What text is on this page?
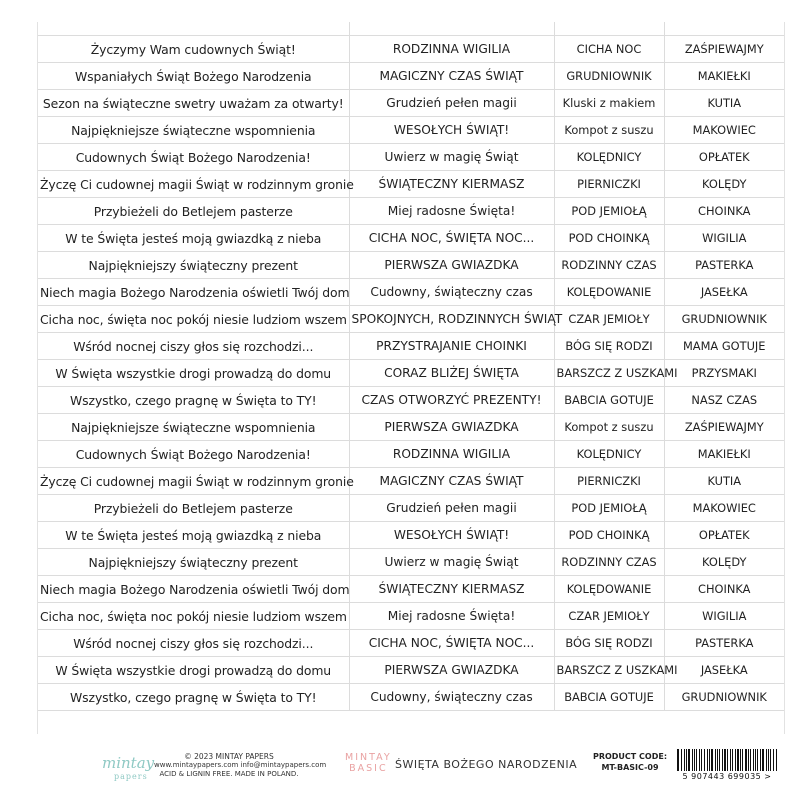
Życzymy Wam cudownych Świąt!	RODZINNA WIGILIA	CICHA NOC	ZAŚPIEWAJMY
Wspaniałych Świąt Bożego Narodzenia	MAGICZNY CZAS ŚWIĄT	GRUDNIOWNIK	MAKIEŁKI
Sezon na świąteczne swetry uważam za otwarty!	Grudzień pełen magii	Kluski z makiem	KUTIA
Najpiękniejsze świąteczne wspomnienia	WESOŁYCH ŚWIĄT!	Kompot z suszu	MAKOWIEC
Cudownych Świąt Bożego Narodzenia!	Uwierz w magię Świąt	KOLĘDNICY	OPŁATEK
Życzę Ci cudownej magii Świąt w rodzinnym gronie	ŚWIĄTECZNY KIERMASZ	PIERNICZKI	KOLĘDY
Przybieżeli do Betlejem pasterze	Miej radosne Święta!	POD JEMIOŁĄ	CHOINKA
W te Święta jesteś moją gwiazdką z nieba	CICHA NOC, ŚWIĘTA NOC...	POD CHOINKĄ	WIGILIA
Najpiękniejszy świąteczny prezent	PIERWSZA GWIAZDKA	RODZINNY CZAS	PASTERKA
Niech magia Bożego Narodzenia oświetli Twój dom	Cudowny, świąteczny czas	KOLĘDOWANIE	JASEŁKA
Cicha noc, święta noc pokój niesie ludziom wszem	SPOKOJNYCH, RODZINNYCH ŚWIĄT	CZAR JEMIOŁY	GRUDNIOWNIK
Wśród nocnej ciszy głos się rozchodzi...	PRZYSTRAJANIE CHOINKI	BÓG SIĘ RODZI	MAMA GOTUJE
W Święta wszystkie drogi prowadzą do domu	CORAZ BLIŻEJ ŚWIĘTA	BARSZCZ Z USZKAMI	PRZYSMAKI
Wszystko, czego pragnę w Święta to TY!	CZAS OTWORZYĆ PREZENTY!	BABCIA GOTUJE	NASZ CZAS
Najpiękniejsze świąteczne wspomnienia	PIERWSZA GWIAZDKA	Kompot z suszu	ZAŚPIEWAJMY
Cudownych Świąt Bożego Narodzenia!	RODZINNA WIGILIA	KOLĘDNICY	MAKIEŁKI
Życzę Ci cudownej magii Świąt w rodzinnym gronie	MAGICZNY CZAS ŚWIĄT	PIERNICZKI	KUTIA
Przybieżeli do Betlejem pasterze	Grudzień pełen magii	POD JEMIOŁĄ	MAKOWIEC
W te Święta jesteś moją gwiazdką z nieba	WESOŁYCH ŚWIĄT!	POD CHOINKĄ	OPŁATEK
Najpiękniejszy świąteczny prezent	Uwierz w magię Świąt	RODZINNY CZAS	KOLĘDY
Niech magia Bożego Narodzenia oświetli Twój dom	ŚWIĄTECZNY KIERMASZ	KOLĘDOWANIE	CHOINKA
Cicha noc, święta noc pokój niesie ludziom wszem	Miej radosne Święta!	CZAR JEMIOŁY	WIGILIA
Wśród nocnej ciszy głos się rozchodzi...	CICHA NOC, ŚWIĘTA NOC...	BÓG SIĘ RODZI	PASTERKA
W Święta wszystkie drogi prowadzą do domu	PIERWSZA GWIAZDKA	BARSZCZ Z USZKAMI	JASEŁKA
Wszystko, czego pragnę w Święta to TY!	Cudowny, świąteczny czas	BABCIA GOTUJE	GRUDNIOWNIK
mintay
papers
© 2023 MINTAY PAPERS
www.mintaypapers.com info@mintaypapers.com
ACID & LIGNIN FREE. MADE IN POLAND.
MINTAY
BASIC ŚWIĘTA BOŻEGO NARODZENIA
PRODUCT CODE:
MT-BASIC-09
5 907443 699035 >
